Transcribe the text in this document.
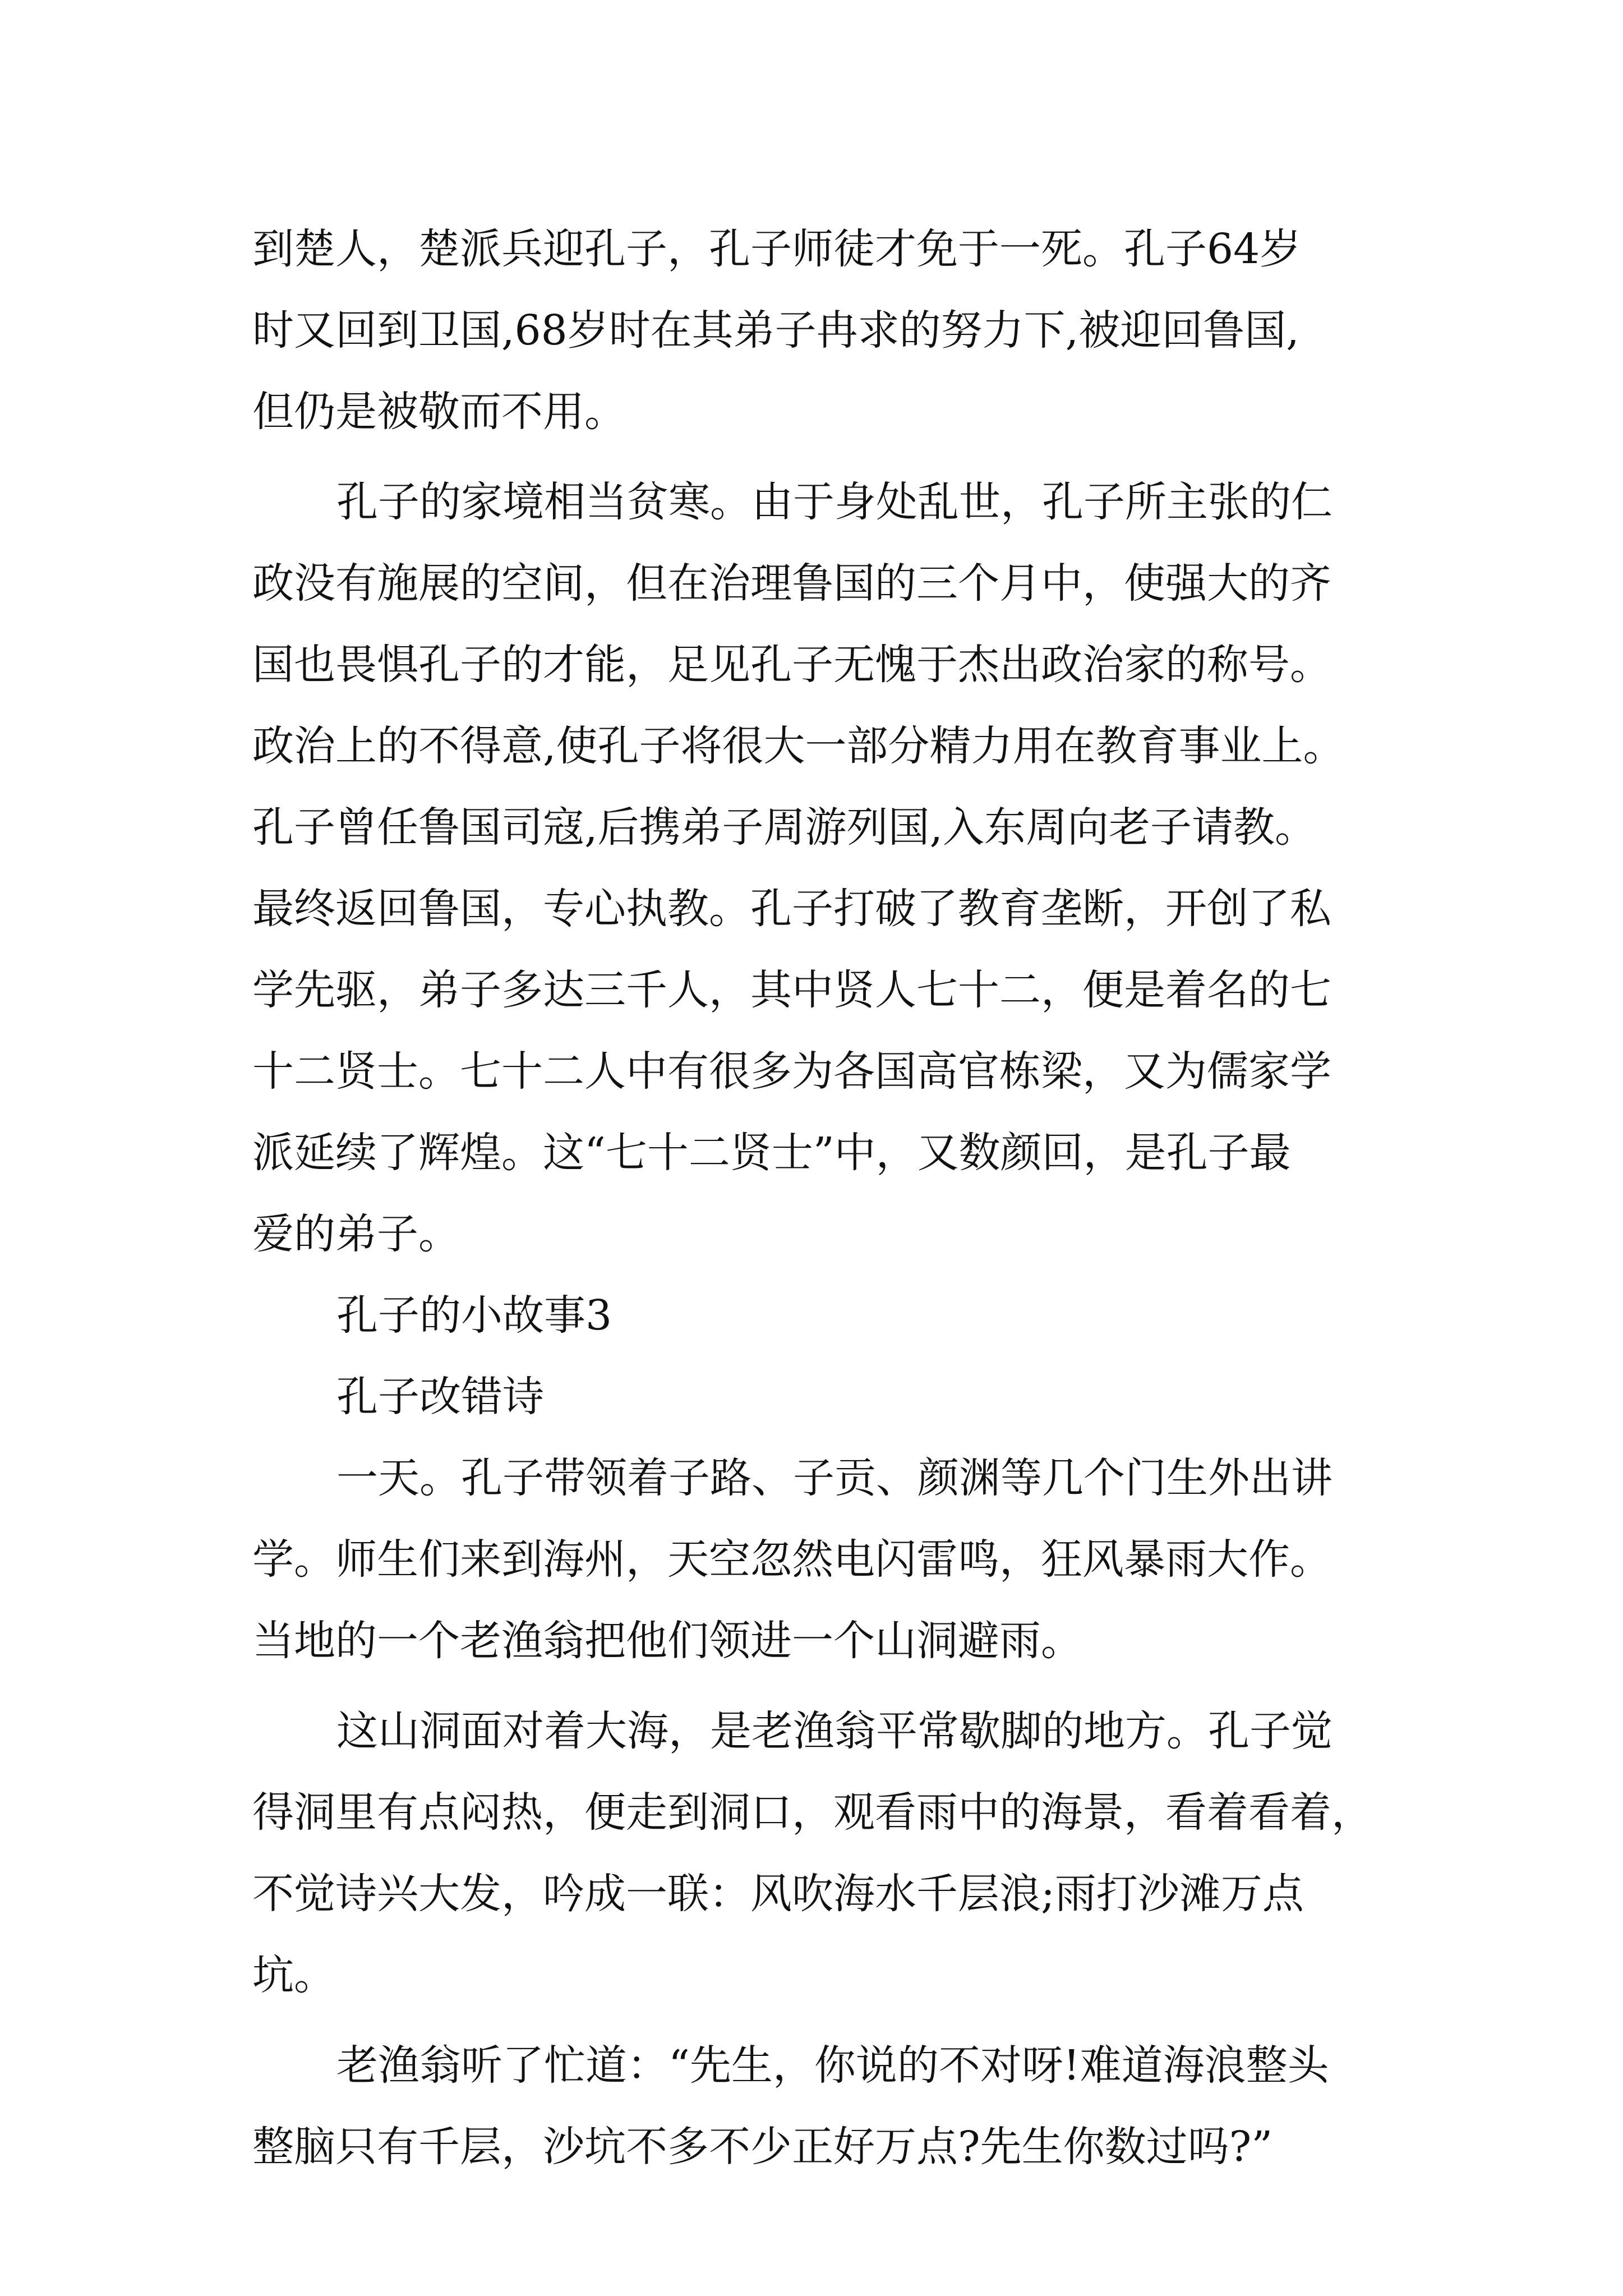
到楚人，楚派兵迎孔子，孔子师徒才免于一死。孔子64岁

时又回到卫国,68岁时在其弟子冉求的努力下,被迎回鲁国,

但仍是被敬而不用。

孔子的家境相当贫寒。由于身处乱世，孔子所主张的仁

政没有施展的空间，但在治理鲁国的三个月中，使强大的齐

国也畏惧孔子的才能，足见孔子无愧于杰出政治家的称号。

政治上的不得意,使孔子将很大一部分精力用在教育事业上。

孔子曾任鲁国司寇,后携弟子周游列国,入东周向老子请教。

最终返回鲁国，专心执教。孔子打破了教育垄断，开创了私

学先驱，弟子多达三千人，其中贤人七十二，便是着名的七

十二贤士。七十二人中有很多为各国高官栋梁，又为儒家学

派延续了辉煌。这“七十二贤士”中，又数颜回，是孔子最

爱的弟子。

孔子的小故事3

孔子改错诗

一天。孔子带领着子路、子贡、颜渊等几个门生外出讲

学。师生们来到海州，天空忽然电闪雷鸣，狂风暴雨大作。

当地的一个老渔翁把他们领进一个山洞避雨。

这山洞面对着大海，是老渔翁平常歇脚的地方。孔子觉

得洞里有点闷热，便走到洞口，观看雨中的海景，看着看着，

不觉诗兴大发，吟成一联：风吹海水千层浪;雨打沙滩万点

坑。

老渔翁听了忙道：“先生，你说的不对呀!难道海浪整头

整脑只有千层，沙坑不多不少正好万点?先生你数过吗?”
